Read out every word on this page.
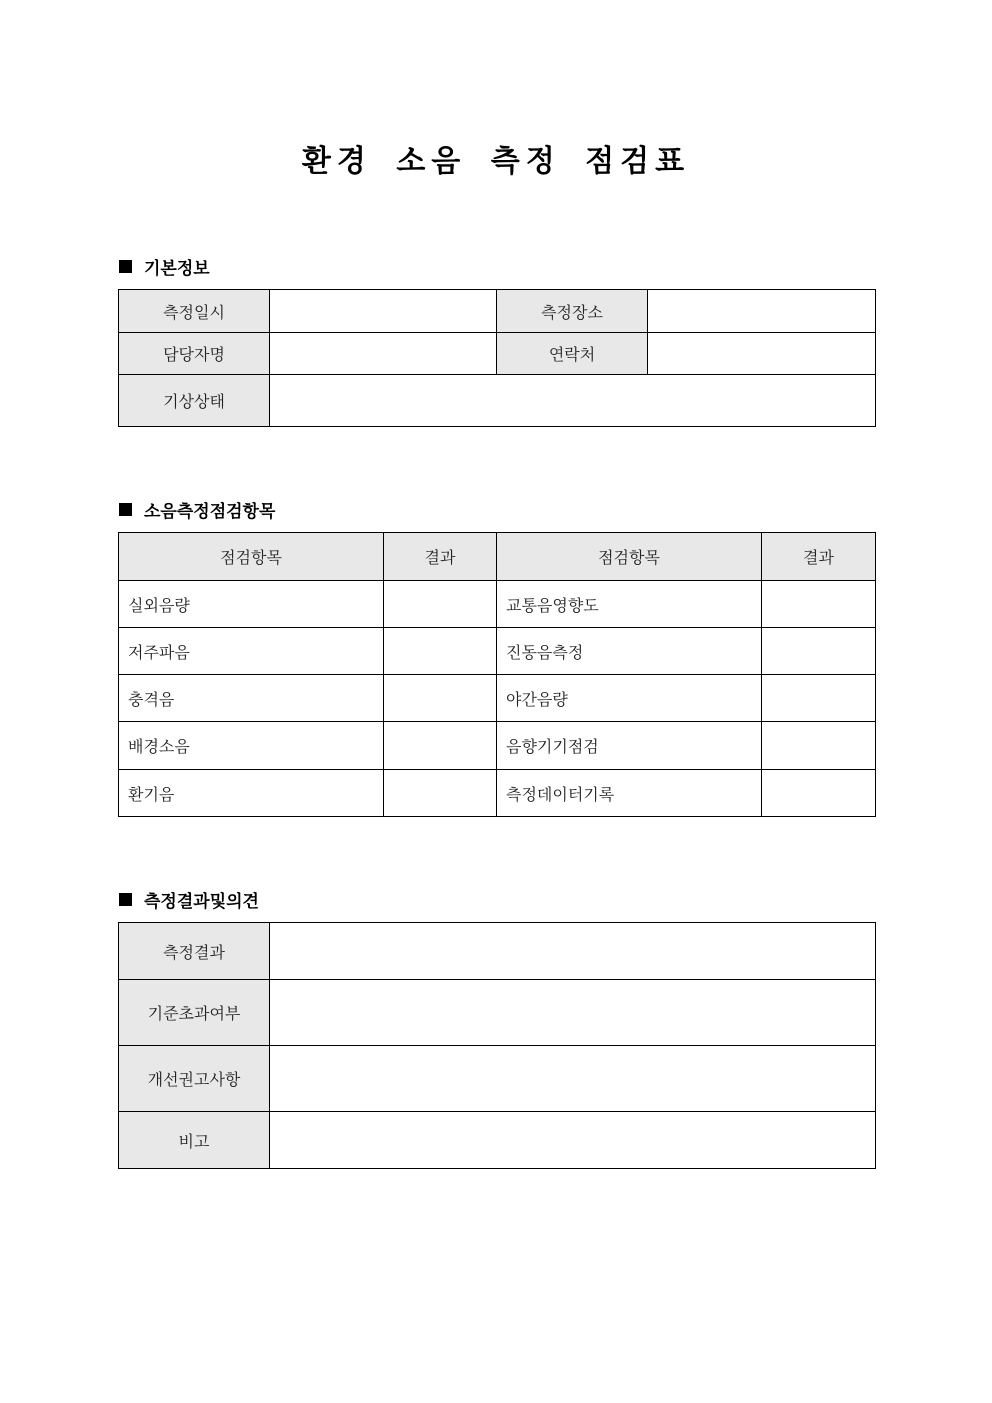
환경 소음 측정 점검표
기본정보
측정일시		측정장소	
담당자명		연락처	
기상상태			
소음측정점검항목
점검항목	결과	점검항목	결과
실외음량		교통음영향도	
저주파음		진동음측정	
충격음		야간음량	
배경소음		음향기기점검	
환기음		측정데이터기록	
측정결과및의견
측정결과	
기준초과여부	
개선권고사항	
비고	
